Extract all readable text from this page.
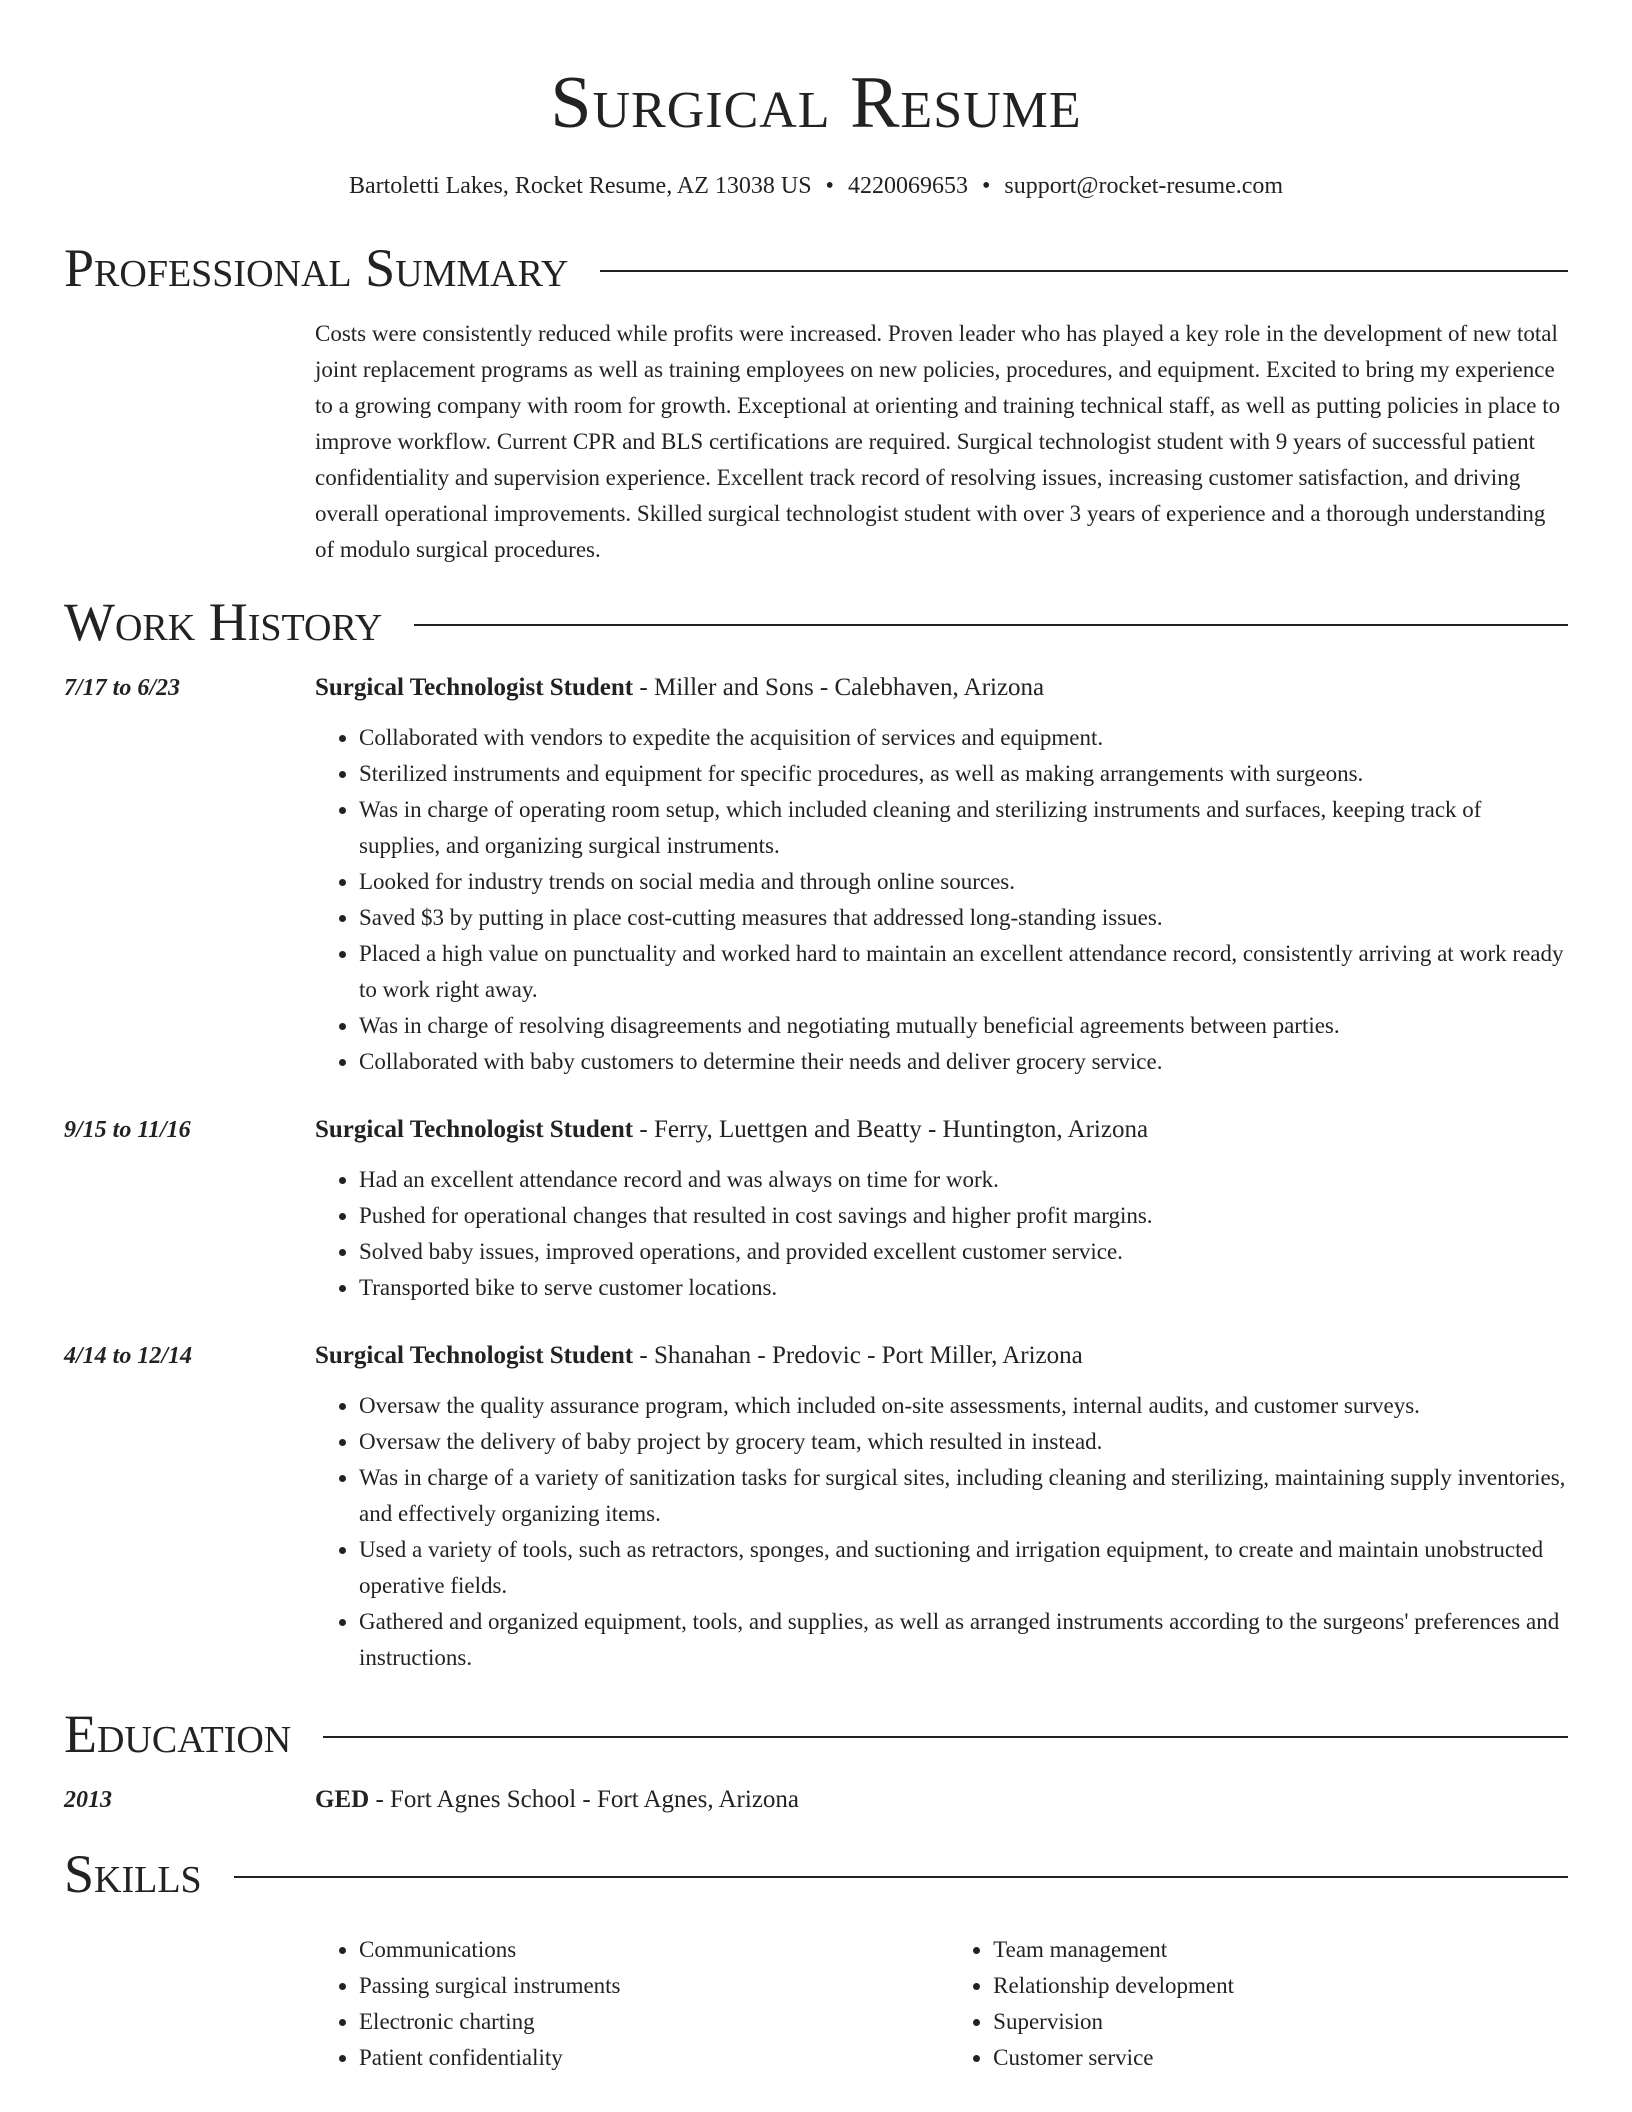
Surgical Resume
Bartoletti Lakes, Rocket Resume, AZ 13038 US • 4220069653 • support@rocket-resume.com
Professional Summary
Costs were consistently reduced while profits were increased. Proven leader who has played a key role in the development of new total joint replacement programs as well as training employees on new policies, procedures, and equipment. Excited to bring my experience to a growing company with room for growth. Exceptional at orienting and training technical staff, as well as putting policies in place to improve workflow. Current CPR and BLS certifications are required. Surgical technologist student with 9 years of successful patient confidentiality and supervision experience. Excellent track record of resolving issues, increasing customer satisfaction, and driving overall operational improvements. Skilled surgical technologist student with over 3 years of experience and a thorough understanding of modulo surgical procedures.
Work History
7/17 to 6/23	Surgical Technologist Student - Miller and Sons - Calebhaven, Arizona
• Collaborated with vendors to expedite the acquisition of services and equipment.
• Sterilized instruments and equipment for specific procedures, as well as making arrangements with surgeons.
• Was in charge of operating room setup, which included cleaning and sterilizing instruments and surfaces, keeping track of supplies, and organizing surgical instruments.
• Looked for industry trends on social media and through online sources.
• Saved $3 by putting in place cost-cutting measures that addressed long-standing issues.
• Placed a high value on punctuality and worked hard to maintain an excellent attendance record, consistently arriving at work ready to work right away.
• Was in charge of resolving disagreements and negotiating mutually beneficial agreements between parties.
• Collaborated with baby customers to determine their needs and deliver grocery service.
9/15 to 11/16	Surgical Technologist Student - Ferry, Luettgen and Beatty - Huntington, Arizona
• Had an excellent attendance record and was always on time for work.
• Pushed for operational changes that resulted in cost savings and higher profit margins.
• Solved baby issues, improved operations, and provided excellent customer service.
• Transported bike to serve customer locations.
4/14 to 12/14	Surgical Technologist Student - Shanahan - Predovic - Port Miller, Arizona
• Oversaw the quality assurance program, which included on-site assessments, internal audits, and customer surveys.
• Oversaw the delivery of baby project by grocery team, which resulted in instead.
• Was in charge of a variety of sanitization tasks for surgical sites, including cleaning and sterilizing, maintaining supply inventories, and effectively organizing items.
• Used a variety of tools, such as retractors, sponges, and suctioning and irrigation equipment, to create and maintain unobstructed operative fields.
• Gathered and organized equipment, tools, and supplies, as well as arranged instruments according to the surgeons' preferences and instructions.
Education
2013	GED - Fort Agnes School - Fort Agnes, Arizona
Skills
• Communications
• Passing surgical instruments
• Electronic charting
• Patient confidentiality
• Team management
• Relationship development
• Supervision
• Customer service
